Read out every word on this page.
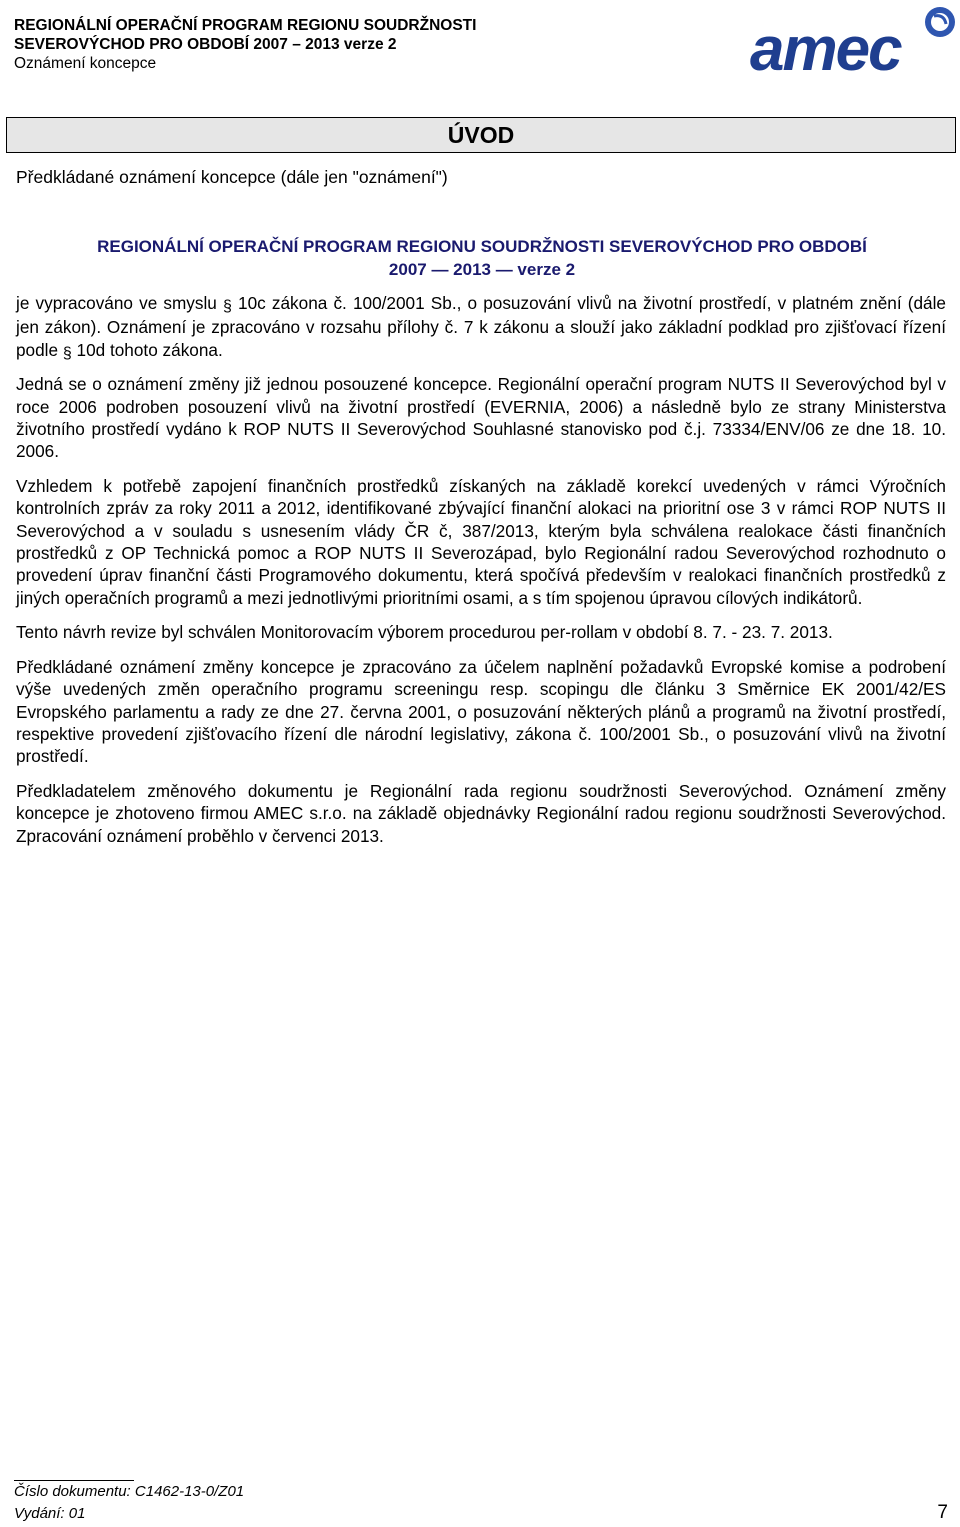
REGIONÁLNÍ OPERAČNÍ PROGRAM REGIONU SOUDRŽNOSTI
SEVEROVÝCHOD PRO OBDOBÍ 2007 – 2013 verze 2
Oznámení koncepce	amec
ÚVOD
Předkládané oznámení koncepce (dále jen "oznámení")
REGIONÁLNÍ OPERAČNÍ PROGRAM REGIONU SOUDRŽNOSTI SEVEROVÝCHOD PRO OBDOBÍ
2007 — 2013 — verze 2

je vypracováno ve smyslu § 10c zákona č. 100/2001 Sb., o posuzování vlivů na životní prostředí, v platném znění (dále jen zákon). Oznámení je zpracováno v rozsahu přílohy č. 7 k zákonu a slouží jako základní podklad pro zjišťovací řízení podle § 10d tohoto zákona.

Jedná se o oznámení změny již jednou posouzené koncepce. Regionální operační program NUTS II Severovýchod byl v roce 2006 podroben posouzení vlivů na životní prostředí (EVERNIA, 2006) a následně bylo ze strany Ministerstva životního prostředí vydáno k ROP NUTS II Severovýchod Souhlasné stanovisko pod č.j. 73334/ENV/06 ze dne 18. 10. 2006.

Vzhledem k potřebě zapojení finančních prostředků získaných na základě korekcí uvedených v rámci Výročních kontrolních zpráv za roky 2011 a 2012, identifikované zbývající finanční alokaci na prioritní ose 3 v rámci ROP NUTS II Severovýchod a v souladu s usnesením vlády ČR č, 387/2013, kterým byla schválena realokace části finančních prostředků z OP Technická pomoc a ROP NUTS II Severozápad, bylo Regionální radou Severovýchod rozhodnuto o provedení úprav finanční části Programového dokumentu, která spočívá především v realokaci finančních prostředků z jiných operačních programů a mezi jednotlivými prioritními osami, a s tím spojenou úpravou cílových indikátorů.

Tento návrh revize byl schválen Monitorovacím výborem procedurou per-rollam v období 8. 7. - 23. 7. 2013.

Předkládané oznámení změny koncepce je zpracováno za účelem naplnění požadavků Evropské komise a podrobení výše uvedených změn operačního programu screeningu resp. scopingu dle článku 3 Směrnice EK 2001/42/ES Evropského parlamentu a rady ze dne 27. června 2001, o posuzování některých plánů a programů na životní prostředí, respektive provedení zjišťovacího řízení dle národní legislativy, zákona č. 100/2001 Sb., o posuzování vlivů na životní prostředí.

Předkladatelem změnového dokumentu je Regionální rada regionu soudržnosti Severovýchod. Oznámení změny koncepce je zhotoveno firmou AMEC s.r.o. na základě objednávky Regionální radou regionu soudržnosti Severovýchod. Zpracování oznámení proběhlo v červenci 2013.

Číslo dokumentu: C1462-13-0/Z01
Vydání: 01	7
